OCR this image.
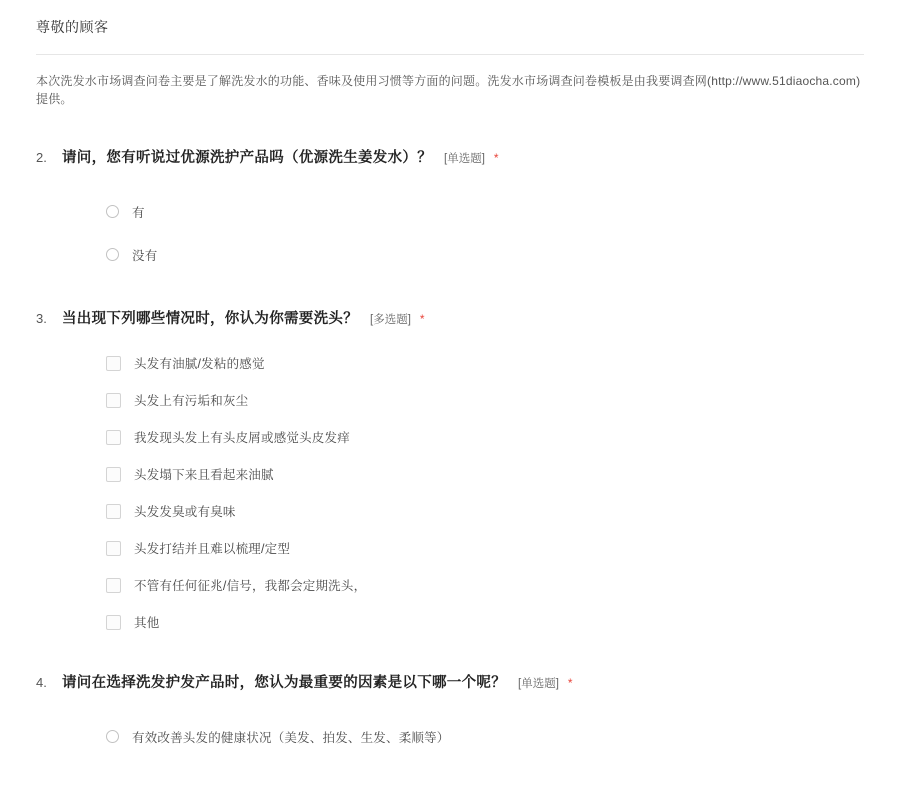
尊敬的顾客
本次洗发水市场调查问卷主要是了解洗发水的功能、香味及使用习惯等方面的问题。洗发水市场调查问卷模板是由我要调查网(http://www.51diaocha.com)提供。
2.	请问，您有听说过优源洗护产品吗（优源洗生姜发水）？ [单选题] *
有
没有
3.	当出现下列哪些情况时，你认为你需要洗头？ [多选题] *
头发有油腻/发粘的感觉
头发上有污垢和灰尘
我发现头发上有头皮屑或感觉头皮发痒
头发塌下来且看起来油腻
头发发臭或有臭味
头发打结并且难以梳理/定型
不管有任何征兆/信号，我都会定期洗头，
其他
4.	请问在选择洗发护发产品时，您认为最重要的因素是以下哪一个呢？ [单选题] *
有效改善头发的健康状况（美发、拍发、生发、柔顺等）
